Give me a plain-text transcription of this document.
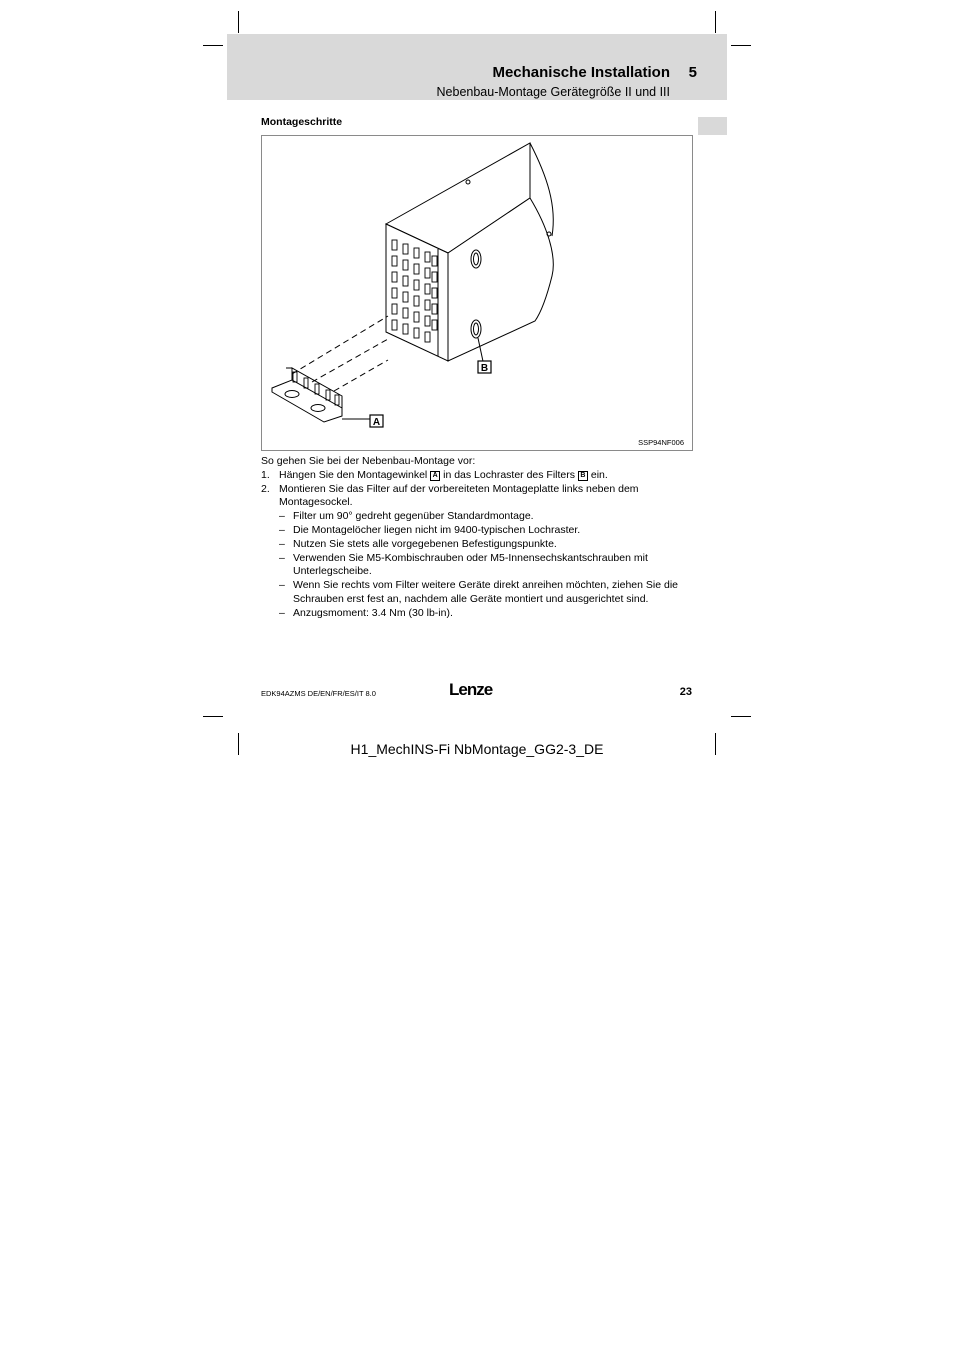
Mechanische Installation 5
Nebenbau-Montage Gerätegröße II und III
Montageschritte
B
A
SSP94NF006

So gehen Sie bei der Nebenbau-Montage vor:

1. Hängen Sie den Montagewinkel A in das Lochraster des Filters B ein.
2. Montieren Sie das Filter auf der vorbereiteten Montageplatte links neben dem Montagesockel.
– Filter um 90° gedreht gegenüber Standardmontage.
– Die Montagelöcher liegen nicht im 9400-typischen Lochraster.
– Nutzen Sie stets alle vorgegebenen Befestigungspunkte.
– Verwenden Sie M5-Kombischrauben oder M5-Innensechskantschrauben mit Unterlegscheibe.
– Wenn Sie rechts vom Filter weitere Geräte direkt anreihen möchten, ziehen Sie die Schrauben erst fest an, nachdem alle Geräte montiert und ausgerichtet sind.
– Anzugsmoment: 3.4 Nm (30 lb-in).
EDK94AZMS DE/EN/FR/ES/IT 8.0	Lenze	23
H1_MechINS-Fi NbMontage_GG2-3_DE
